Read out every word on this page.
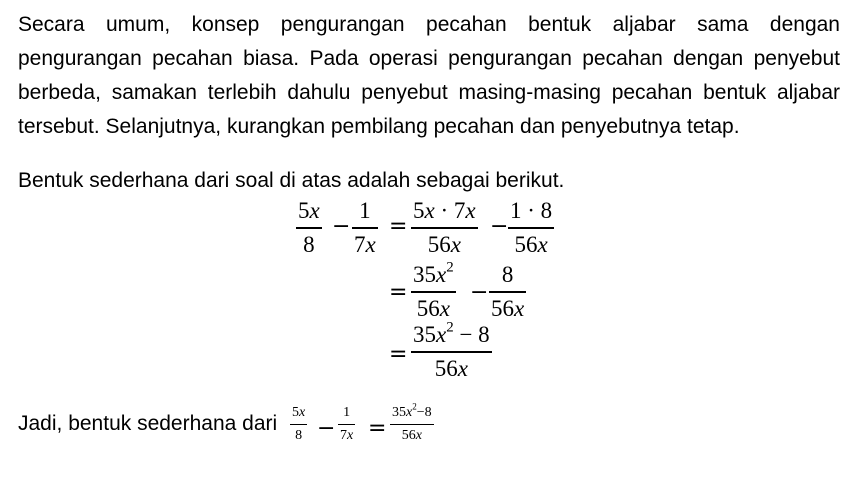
Secara umum, konsep pengurangan pecahan bentuk aljabar sama dengan pengurangan pecahan biasa. Pada operasi pengurangan pecahan dengan penyebut berbeda, samakan terlebih dahulu penyebut masing-masing pecahan bentuk aljabar tersebut. Selanjutnya, kurangkan pembilang pecahan dan penyebutnya tetap.

Bentuk sederhana dari soal di atas adalah sebagai berikut.

5x
8
−
1
7x
=
5x · 7x
56x
−
1 · 8
56x
=
$35x^2$
56x
−
8
56x
=
$35x^2 - 8$
56x
Jadi, bentuk sederhana dari 5x
8 −
1
7x =
$35x^2-8$
56x
